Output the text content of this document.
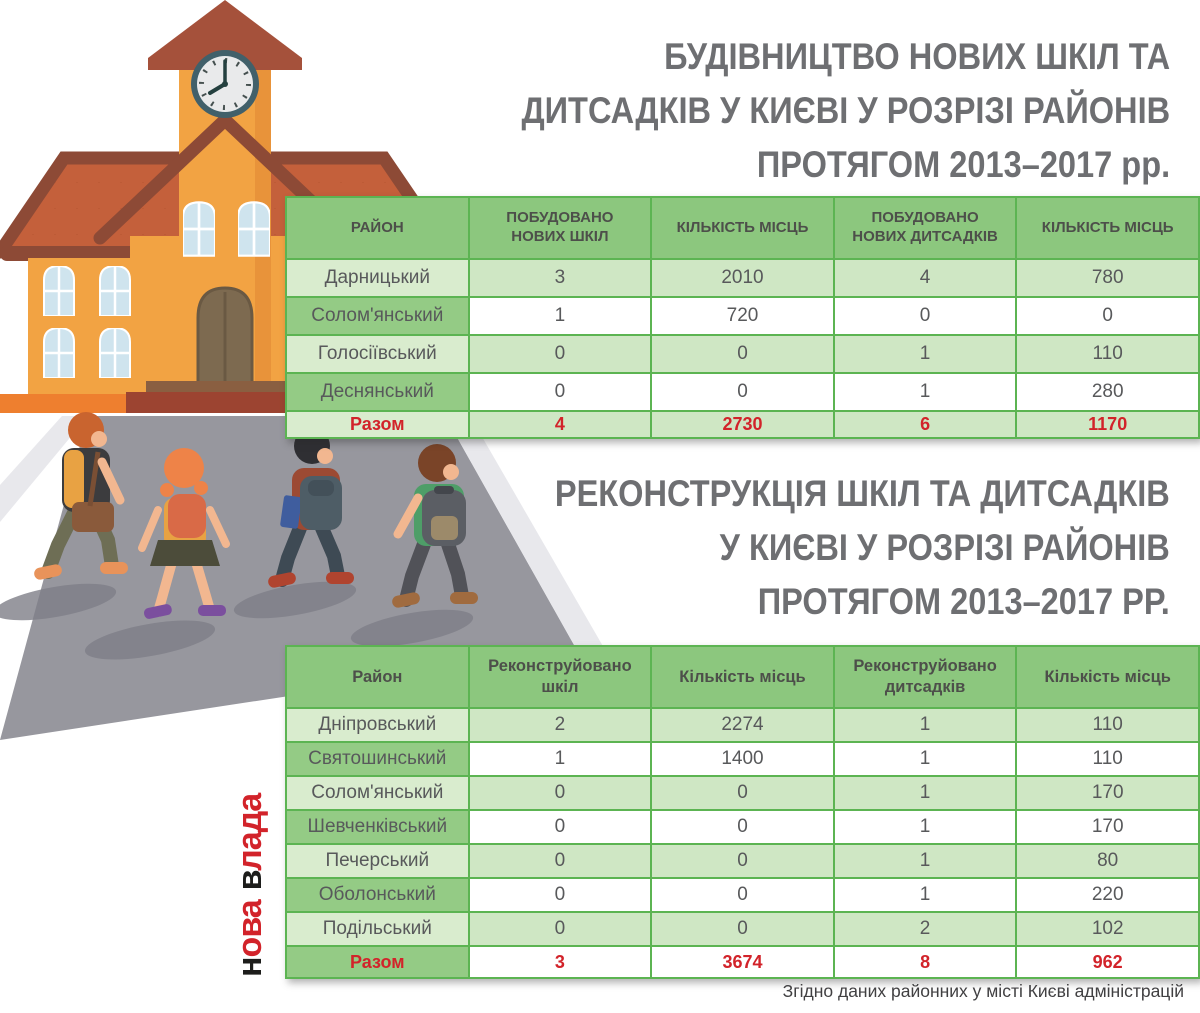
БУДІВНИЦТВО НОВИХ ШКІЛ ТА
ДИТСАДКІВ У КИЄВІ У РОЗРІЗІ РАЙОНІВ
ПРОТЯГОМ 2013–2017 рр.
РЕКОНСТРУКЦІЯ ШКІЛ ТА ДИТСАДКІВ
У КИЄВІ У РОЗРІЗІ РАЙОНІВ
ПРОТЯГОМ 2013–2017 РР.
РАЙОН	ПОБУДОВАНО НОВИХ ШКІЛ	КІЛЬКІСТЬ МІСЦЬ	ПОБУДОВАНО НОВИХ ДИТСАДКІВ	КІЛЬКІСТЬ МІСЦЬ
Дарницький	3	2010	4	780
Солом'янський	1	720	0	0
Голосіївський	0	0	1	110
Деснянський	0	0	1	280
Разом	4	2730	6	1170
Район	Реконструйовано шкіл	Кількість місць	Реконструйовано дитсадків	Кількість місць
Дніпровський	2	2274	1	110
Святошинський	1	1400	1	110
Солом'янський	0	0	1	170
Шевченківський	0	0	1	170
Печерський	0	0	1	80
Оболонський	0	0	1	220
Подільський	0	0	2	102
Разом	3	3674	8	962
новавлада
Згідно даних районних у місті Києві адміністрацій
